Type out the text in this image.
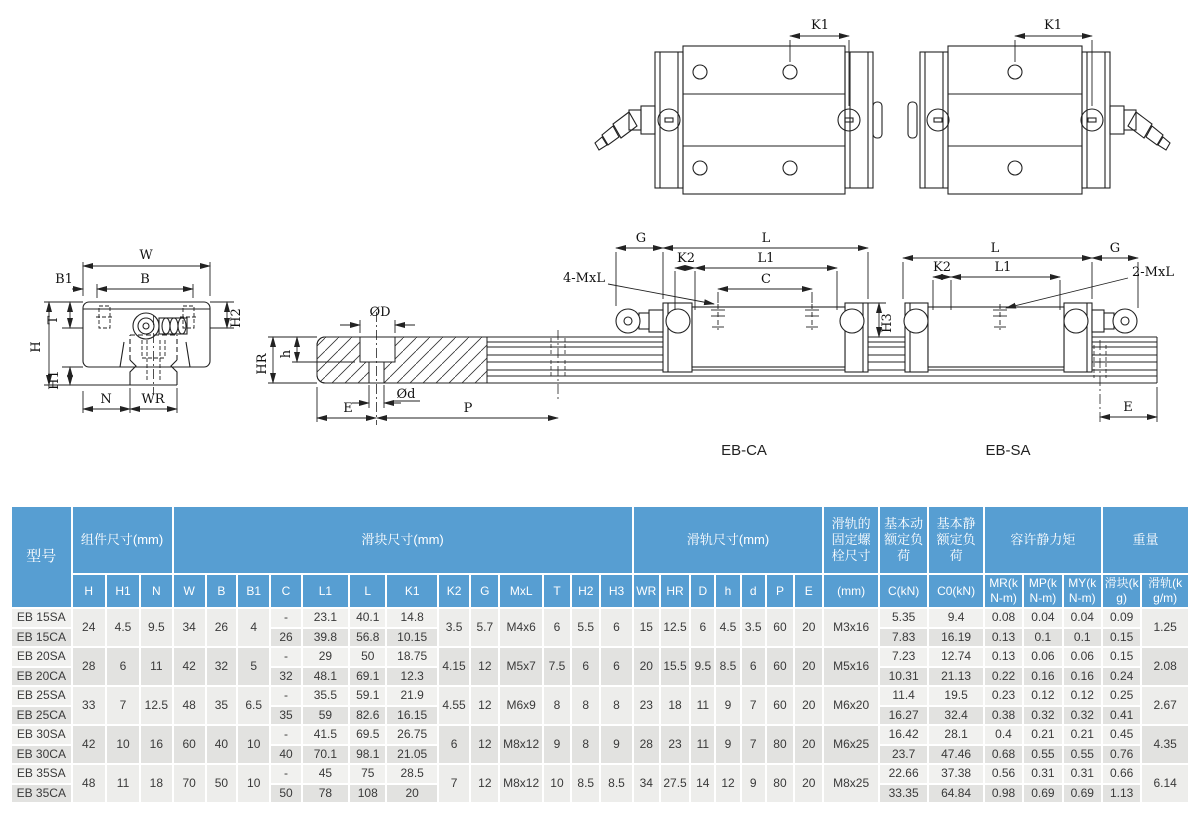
K1	K1
ØD
h
HR
Ød
E	P
W
B
B1
T	H2
H
H1
N WR
G	L
K2	L1
C
4-MxL
H3
EB-CA
L	G
K2	L1	2-MxL
E
EB-SA
型号	组件尺寸(mm)			滑块尺寸(mm)													滑轨尺寸(mm)							滑轨的固定螺栓尺寸	基本动额定负荷	基本静额定负荷	容许静力矩			重量	
	H	H1	N	W	B	B1	C	L1	L	K1	K2	G	MxL	T	H2	H3	WR	HR	D	h	d	P	E	(mm)	C(kN)	C0(kN)	MR(kN-m)	MP(kN-m)	MY(kN-m)	滑块(kg)	滑轨(kg/m)
EB 15SA	24	4.5	9.5	34	26	4	-	23.1	40.1	14.8	3.5	5.7	M4x6	6	5.5	6	15	12.5	6	4.5	3.5	60	20	M3x16	5.35	9.4	0.08	0.04	0.04	0.09	1.25
EB 15CA							26	39.8	56.8	10.15															7.83	16.19	0.13	0.1	0.1	0.15	
EB 20SA	28	6	11	42	32	5	-	29	50	18.75	4.15	12	M5x7	7.5	6	6	20	15.5	9.5	8.5	6	60	20	M5x16	7.23	12.74	0.13	0.06	0.06	0.15	2.08
EB 20CA							32	48.1	69.1	12.3															10.31	21.13	0.22	0.16	0.16	0.24	
EB 25SA	33	7	12.5	48	35	6.5	-	35.5	59.1	21.9	4.55	12	M6x9	8	8	8	23	18	11	9	7	60	20	M6x20	11.4	19.5	0.23	0.12	0.12	0.25	2.67
EB 25CA							35	59	82.6	16.15															16.27	32.4	0.38	0.32	0.32	0.41	
EB 30SA	42	10	16	60	40	10	-	41.5	69.5	26.75	6	12	M8x12	9	8	9	28	23	11	9	7	80	20	M6x25	16.42	28.1	0.4	0.21	0.21	0.45	4.35
EB 30CA							40	70.1	98.1	21.05															23.7	47.46	0.68	0.55	0.55	0.76	
EB 35SA	48	11	18	70	50	10	-	45	75	28.5	7	12	M8x12	10	8.5	8.5	34	27.5	14	12	9	80	20	M8x25	22.66	37.38	0.56	0.31	0.31	0.66	6.14
EB 35CA							50	78	108	20															33.35	64.84	0.98	0.69	0.69	1.13	
